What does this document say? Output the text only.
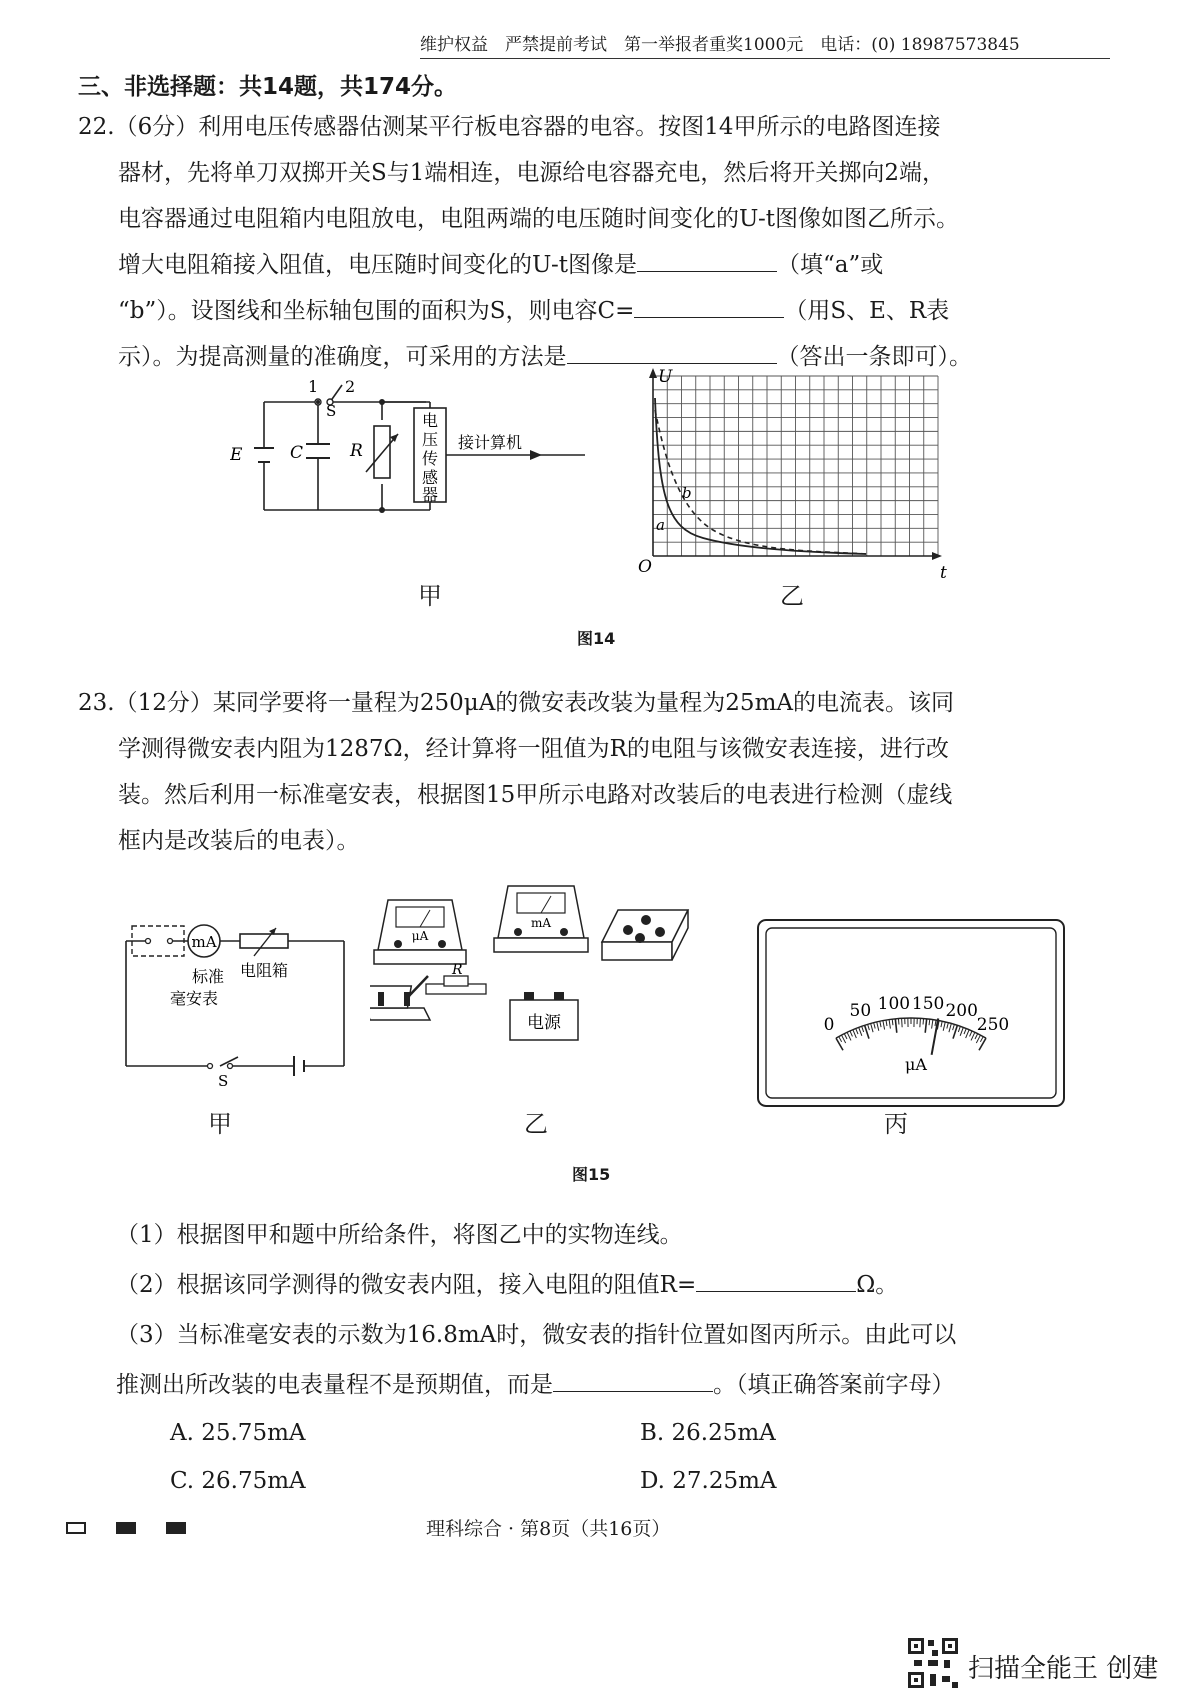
维护权益　严禁提前考试　第一举报者重奖1000元　电话：(0) 18987573845
三、非选择题：共14题，共174分。
22.（6分）利用电压传感器估测某平行板电容器的电容。按图14甲所示的电路图连接
器材，先将单刀双掷开关S与1端相连，电源给电容器充电，然后将开关掷向2端，
电容器通过电阻箱内电阻放电，电阻两端的电压随时间变化的U-t图像如图乙所示。
增大电阻箱接入阻值，电压随时间变化的U-t图像是	（填“a”或
“b”）。设图线和坐标轴包围的面积为S，则电容C=	（用S、E、R表
示）。为提高测量的准确度，可采用的方法是	（答出一条即可）。
E	C	R
S
1 2
电
压
传
感
器
接计算机
U
t
O
a
b
甲	乙
图14
23.（12分）某同学要将一量程为250μA的微安表改装为量程为25mA的电流表。该同
学测得微安表内阻为1287Ω，经计算将一阻值为R的电阻与该微安表连接，进行改
装。然后利用一标准毫安表，根据图15甲所示电路对改装后的电表进行检测（虚线
框内是改装后的电表）。
mA
标准
毫安表
电阻箱
S
μA
mA
R
电源	0
50 100 150 200
250
μA
甲	乙	丙
图15
（1）根据图甲和题中所给条件，将图乙中的实物连线。
（2）根据该同学测得的微安表内阻，接入电阻的阻值R=	Ω。
（3）当标准毫安表的示数为16.8mA时，微安表的指针位置如图丙所示。由此可以
推测出所改装的电表量程不是预期值，而是	。（填正确答案前字母）
A. 25.75mA	B. 26.25mA
C. 26.75mA	D. 27.25mA
理科综合 · 第8页（共16页）
扫描全能王 创建
